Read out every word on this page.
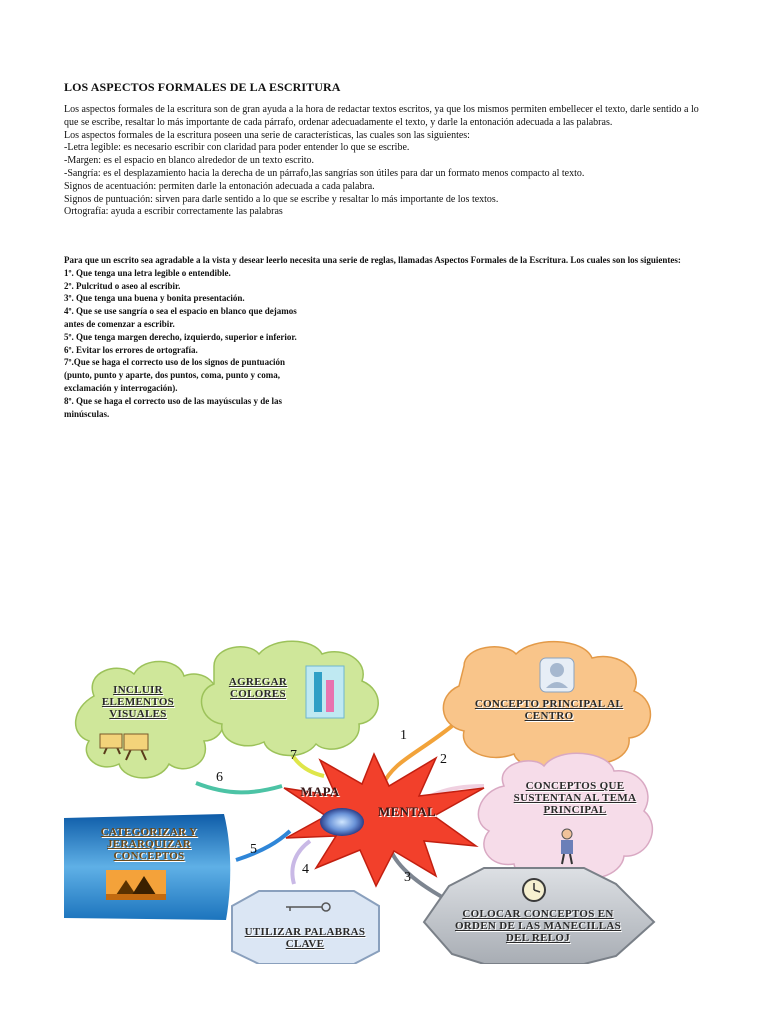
LOS ASPECTOS FORMALES DE LA ESCRITURA

Los aspectos formales de la escritura son de gran ayuda a la hora de redactar textos escritos, ya que los mismos permiten embellecer el texto, darle sentido a lo que se escribe, resaltar lo más importante de cada párrafo, ordenar adecuadamente el texto, y darle la entonación adecuada a las palabras.

Los aspectos formales de la escritura poseen una serie de características, las cuales son las siguientes:

-Letra legible: es necesario escribir con claridad para poder entender lo que se escribe.

-Margen: es el espacio en blanco alrededor de un texto escrito.

-Sangría: es el desplazamiento hacia la derecha de un párrafo,las sangrías son útiles para dar un formato menos compacto al texto.

Signos de acentuación: permiten darle la entonación adecuada a cada palabra.

Signos de puntuación: sirven para darle sentido a lo que se escribe y resaltar lo más importante de los textos.

Ortografía: ayuda a escribir correctamente las palabras

Para que un escrito sea agradable a la vista y desear leerlo necesita una serie de reglas, llamadas Aspectos Formales de la Escritura. Los cuales son los siguientes:

1º. Que tenga una letra legible o entendible.

2º. Pulcritud o aseo al escribir.

3º. Que tenga una buena y bonita presentación.

4º. Que se use sangría o sea el espacio en blanco que dejamos antes de comenzar a escribir.

5º. Que tenga margen derecho, izquierdo, superior e inferior.

6º. Evitar los errores de ortografía.

7º.Que se haga el correcto uso de los signos de puntuación (punto, punto y aparte, dos puntos, coma, punto y coma, exclamación y interrogación).

8º. Que se haga el correcto uso de las mayúsculas y de las minúsculas.

MAPA
MENTAL
CONCEPTO PRINCIPAL AL CENTRO
CONCEPTOS QUE SUSTENTAN AL TEMA PRINCIPAL
COLOCAR CONCEPTOS EN ORDEN DE LAS MANECILLAS DEL RELOJ
UTILIZAR PALABRAS CLAVE
CATEGORIZAR Y JERARQUIZAR CONCEPTOS
INCLUIR ELEMENTOS VISUALES
AGREGAR COLORES
1
2
3
4
5
6
7
